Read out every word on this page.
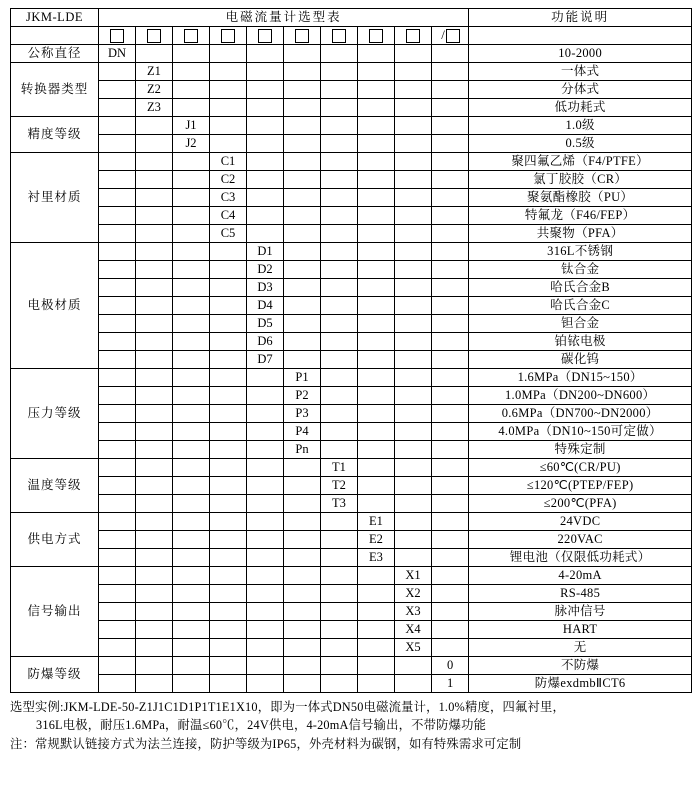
JKM-LDE	电磁流量计选型表										功能说明
										/	
公称直径	DN										10-2000
转换器类型		Z1									一体式
		Z2									分体式
		Z3									低功耗式
精度等级			J1								1.0级
			J2								0.5级
衬里材质				C1							聚四氟乙烯（F4/PTFE）
				C2							氯丁胶胶（CR）
				C3							聚氨酯橡胶（PU）
				C4							特氟龙（F46/FEP）
				C5							共聚物（PFA）
电极材质					D1						316L不锈钢
					D2						钛合金
					D3						哈氏合金B
					D4						哈氏合金C
					D5						钽合金
					D6						铂铱电极
					D7						碳化钨
压力等级						P1					1.6MPa（DN15~150）
						P2					1.0MPa（DN200~DN600）
						P3					0.6MPa（DN700~DN2000）
						P4					4.0MPa（DN10~150可定做）
						Pn					特殊定制
温度等级							T1				≤60℃(CR/PU)
							T2				≤120℃(PTEP/FEP)
							T3				≤200℃(PFA)
供电方式								E1			24VDC
								E2			220VAC
								E3			锂电池（仅限低功耗式）
信号输出									X1		4-20mA
									X2		RS-485
									X3		脉冲信号
									X4		HART
									X5		无
防爆等级										0	不防爆
										1	防爆exdmbⅡCT6
选型实例:JKM-LDE-50-Z1J1C1D1P1T1E1X10，即为一体式DN50电磁流量计，1.0%精度，四氟衬里，
316L电极，耐压1.6MPa，耐温≤60℃，24V供电，4-20mA信号输出，不带防爆功能
注：常规默认链接方式为法兰连接，防护等级为IP65，外壳材料为碳钢，如有特殊需求可定制
